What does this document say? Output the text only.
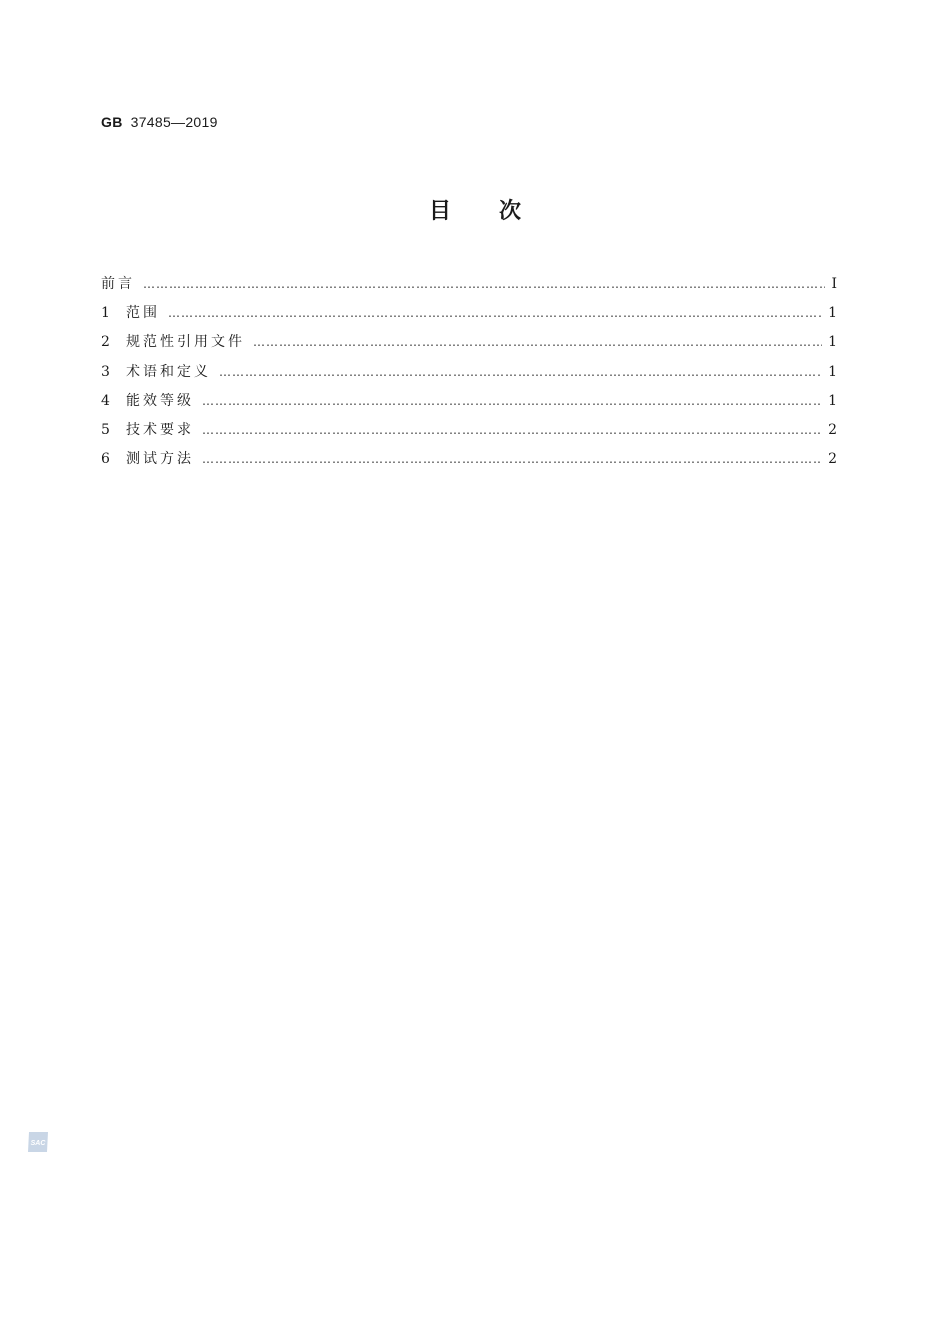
GB 37485—2019
目 次
前言 ……………………………………………………………………………………………………………………………………………………………………………………………………	Ⅰ
1	范围 ……………………………………………………………………………………………………………………………………………………………………………………………………	1
2	规范性引用文件 ……………………………………………………………………………………………………………………………………………………………………………………………………	1
3	术语和定义 ……………………………………………………………………………………………………………………………………………………………………………………………………	1
4	能效等级 ……………………………………………………………………………………………………………………………………………………………………………………………………	1
5	技术要求 ……………………………………………………………………………………………………………………………………………………………………………………………………	2
6	测试方法 ……………………………………………………………………………………………………………………………………………………………………………………………………	2
SAC
